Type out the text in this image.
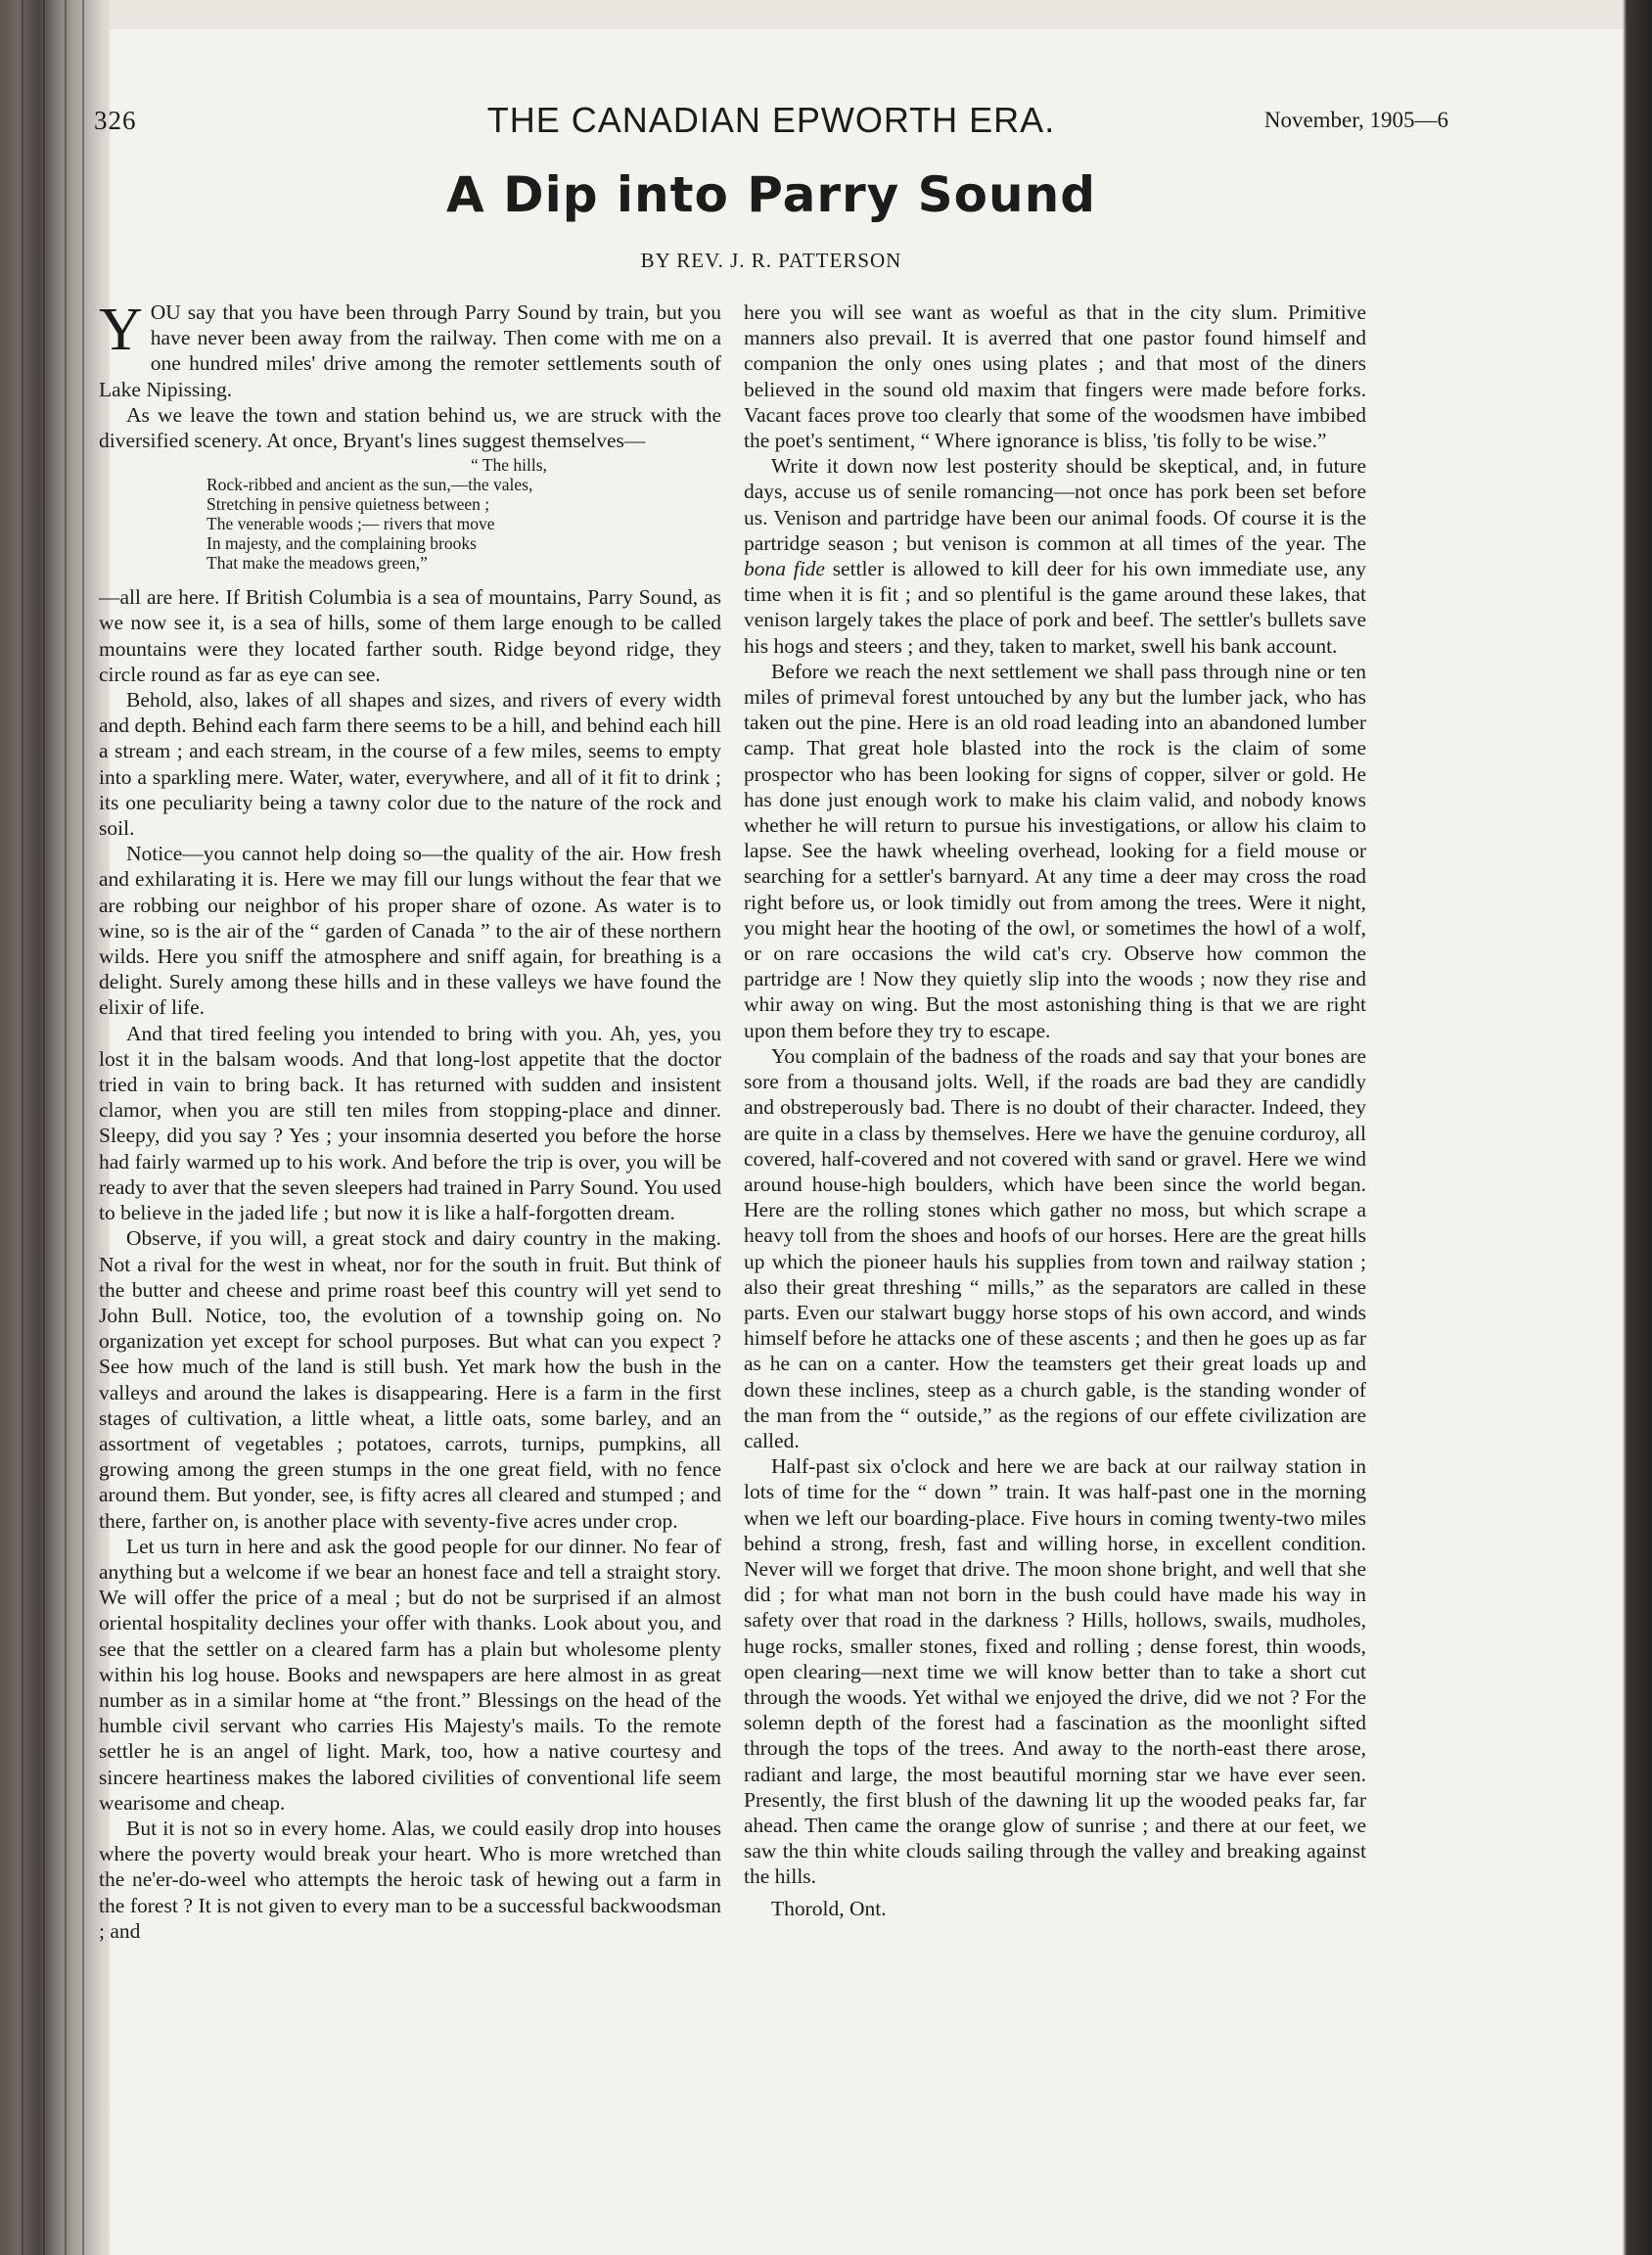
326	THE CANADIAN EPWORTH ERA.	November, 1905—6
A Dip into Parry Sound
BY REV. J. R. PATTERSON

YOU say that you have been through Parry Sound by train, but you have never been away from the railway. Then come with me on a one hundred miles' drive among the remoter settlements south of Lake Nipissing.

As we leave the town and station behind us, we are struck with the diversified scenery. At once, Bryant's lines suggest themselves—

“ The hills,
Rock-ribbed and ancient as the sun,—the vales,
Stretching in pensive quietness between ;
The venerable woods ;— rivers that move
In majesty, and the complaining brooks
That make the meadows green,”

—all are here. If British Columbia is a sea of mountains, Parry Sound, as we now see it, is a sea of hills, some of them large enough to be called mountains were they located farther south. Ridge beyond ridge, they circle round as far as eye can see.

Behold, also, lakes of all shapes and sizes, and rivers of every width and depth. Behind each farm there seems to be a hill, and behind each hill a stream ; and each stream, in the course of a few miles, seems to empty into a sparkling mere. Water, water, everywhere, and all of it fit to drink ; its one peculiarity being a tawny color due to the nature of the rock and soil.

Notice—you cannot help doing so—the quality of the air. How fresh and exhilarating it is. Here we may fill our lungs without the fear that we are robbing our neighbor of his proper share of ozone. As water is to wine, so is the air of the “ garden of Canada ” to the air of these northern wilds. Here you sniff the atmosphere and sniff again, for breathing is a delight. Surely among these hills and in these valleys we have found the elixir of life.

And that tired feeling you intended to bring with you. Ah, yes, you lost it in the balsam woods. And that long-lost appetite that the doctor tried in vain to bring back. It has returned with sudden and insistent clamor, when you are still ten miles from stopping-place and dinner. Sleepy, did you say ? Yes ; your insomnia deserted you before the horse had fairly warmed up to his work. And before the trip is over, you will be ready to aver that the seven sleepers had trained in Parry Sound. You used to believe in the jaded life ; but now it is like a half-forgotten dream.

Observe, if you will, a great stock and dairy country in the making. Not a rival for the west in wheat, nor for the south in fruit. But think of the butter and cheese and prime roast beef this country will yet send to John Bull. Notice, too, the evolution of a township going on. No organization yet except for school purposes. But what can you expect ? See how much of the land is still bush. Yet mark how the bush in the valleys and around the lakes is disappearing. Here is a farm in the first stages of cultivation, a little wheat, a little oats, some barley, and an assortment of vegetables ; potatoes, carrots, turnips, pumpkins, all growing among the green stumps in the one great field, with no fence around them. But yonder, see, is fifty acres all cleared and stumped ; and there, farther on, is another place with seventy-five acres under crop.

Let us turn in here and ask the good people for our dinner. No fear of anything but a welcome if we bear an honest face and tell a straight story. We will offer the price of a meal ; but do not be surprised if an almost oriental hospitality declines your offer with thanks. Look about you, and see that the settler on a cleared farm has a plain but wholesome plenty within his log house. Books and newspapers are here almost in as great number as in a similar home at “the front.” Blessings on the head of the humble civil servant who carries His Majesty's mails. To the remote settler he is an angel of light. Mark, too, how a native courtesy and sincere heartiness makes the labored civilities of conventional life seem wearisome and cheap.

But it is not so in every home. Alas, we could easily drop into houses where the poverty would break your heart. Who is more wretched than the ne'er-do-weel who attempts the heroic task of hewing out a farm in the forest ? It is not given to every man to be a successful backwoodsman ; and

here you will see want as woeful as that in the city slum. Primitive manners also prevail. It is averred that one pastor found himself and companion the only ones using plates ; and that most of the diners believed in the sound old maxim that fingers were made before forks. Vacant faces prove too clearly that some of the woodsmen have imbibed the poet's sentiment, “ Where ignorance is bliss, 'tis folly to be wise.”

Write it down now lest posterity should be skeptical, and, in future days, accuse us of senile romancing—not once has pork been set before us. Venison and partridge have been our animal foods. Of course it is the partridge season ; but venison is common at all times of the year. The bona fide settler is allowed to kill deer for his own immediate use, any time when it is fit ; and so plentiful is the game around these lakes, that venison largely takes the place of pork and beef. The settler's bullets save his hogs and steers ; and they, taken to market, swell his bank account.

Before we reach the next settlement we shall pass through nine or ten miles of primeval forest untouched by any but the lumber jack, who has taken out the pine. Here is an old road leading into an abandoned lumber camp. That great hole blasted into the rock is the claim of some prospector who has been looking for signs of copper, silver or gold. He has done just enough work to make his claim valid, and nobody knows whether he will return to pursue his investigations, or allow his claim to lapse. See the hawk wheeling overhead, looking for a field mouse or searching for a settler's barnyard. At any time a deer may cross the road right before us, or look timidly out from among the trees. Were it night, you might hear the hooting of the owl, or sometimes the howl of a wolf, or on rare occasions the wild cat's cry. Observe how common the partridge are ! Now they quietly slip into the woods ; now they rise and whir away on wing. But the most astonishing thing is that we are right upon them before they try to escape.

You complain of the badness of the roads and say that your bones are sore from a thousand jolts. Well, if the roads are bad they are candidly and obstreperously bad. There is no doubt of their character. Indeed, they are quite in a class by themselves. Here we have the genuine corduroy, all covered, half-covered and not covered with sand or gravel. Here we wind around house-high boulders, which have been since the world began. Here are the rolling stones which gather no moss, but which scrape a heavy toll from the shoes and hoofs of our horses. Here are the great hills up which the pioneer hauls his supplies from town and railway station ; also their great threshing “ mills,” as the separators are called in these parts. Even our stalwart buggy horse stops of his own accord, and winds himself before he attacks one of these ascents ; and then he goes up as far as he can on a canter. How the teamsters get their great loads up and down these inclines, steep as a church gable, is the standing wonder of the man from the “ outside,” as the regions of our effete civilization are called.

Half-past six o'clock and here we are back at our railway station in lots of time for the “ down ” train. It was half-past one in the morning when we left our boarding-place. Five hours in coming twenty-two miles behind a strong, fresh, fast and willing horse, in excellent condition. Never will we forget that drive. The moon shone bright, and well that she did ; for what man not born in the bush could have made his way in safety over that road in the darkness ? Hills, hollows, swails, mudholes, huge rocks, smaller stones, fixed and rolling ; dense forest, thin woods, open clearing—next time we will know better than to take a short cut through the woods. Yet withal we enjoyed the drive, did we not ? For the solemn depth of the forest had a fascination as the moonlight sifted through the tops of the trees. And away to the north-east there arose, radiant and large, the most beautiful morning star we have ever seen. Presently, the first blush of the dawning lit up the wooded peaks far, far ahead. Then came the orange glow of sunrise ; and there at our feet, we saw the thin white clouds sailing through the valley and breaking against the hills.

Thorold, Ont.
